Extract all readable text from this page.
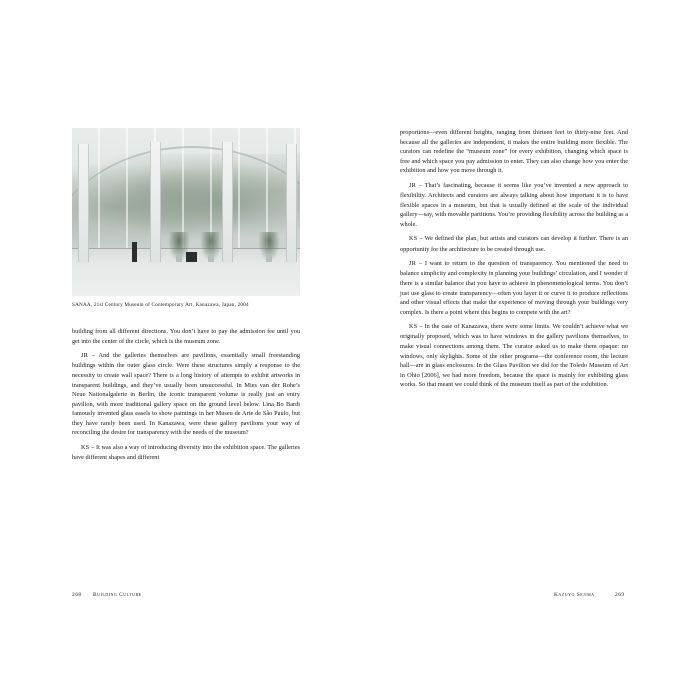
SANAA, 21st Century Museum of Contemporary Art, Kanazawa, Japan, 2004

building from all different directions. You don’t have to pay the admission fee until you get into the center of the circle, which is the museum zone.

JR – And the galleries themselves are pavilions, essentially small freestanding buildings within the outer glass circle. Were these structures simply a response to the necessity to create wall space? There is a long history of attempts to exhibit artworks in transparent buildings, and they’ve usually been unsuccessful. In Mies van der Rohe’s Neue Nationalgalerie in Berlin, the iconic transparent volume is really just an entry pavilion, with more traditional gallery space on the ground level below. Lina Bo Bardi famously invented glass easels to show paintings in her Museu de Arte de São Paulo, but they have rarely been used. In Kanazawa, were these gallery pavilions your way of reconciling the desire for transparency with the needs of the museum?

KS – It was also a way of introducing diversity into the exhibition space. The galleries have different shapes and different

proportions—even different heights, ranging from thirteen feet to thirty-nine feet. And because all the galleries are independent, it makes the entire building more flexible. The curators can redefine the “museum zone” for every exhibition, changing which space is free and which space you pay admission to enter. They can also change how you enter the exhibition and how you move through it.

JR – That’s fascinating, because it seems like you’ve invented a new approach to flexibility. Architects and curators are always talking about how important it is to have flexible spaces in a museum, but that is usually defined at the scale of the individual gallery—say, with movable partitions. You’re providing flexibility across the building as a whole.

KS – We defined the plan, but artists and curators can develop it further. There is an opportunity for the architecture to be created through use.

JR – I want to return to the question of transparency. You mentioned the need to balance simplicity and complexity in planning your buildings’ circulation, and I wonder if there is a similar balance that you have to achieve in phenomenological terms. You don’t just use glass to create transparency—often you layer it or curve it to produce reflections and other visual effects that make the experience of moving through your buildings very complex. Is there a point where this begins to compete with the art?

KS – In the case of Kanazawa, there were some limits. We couldn’t achieve what we originally proposed, which was to have windows in the gallery pavilions themselves, to make visual connections among them. The curator asked us to make them opaque: no windows, only skylights. Some of the other programs—the conference room, the lecture hall—are in glass enclosures. In the Glass Pavilion we did for the Toledo Museum of Art in Ohio [2006], we had more freedom, because the space is mainly for exhibiting glass works. So that meant we could think of the museum itself as part of the exhibition.

268 Building Culture	Kazuyo Sejima	269
